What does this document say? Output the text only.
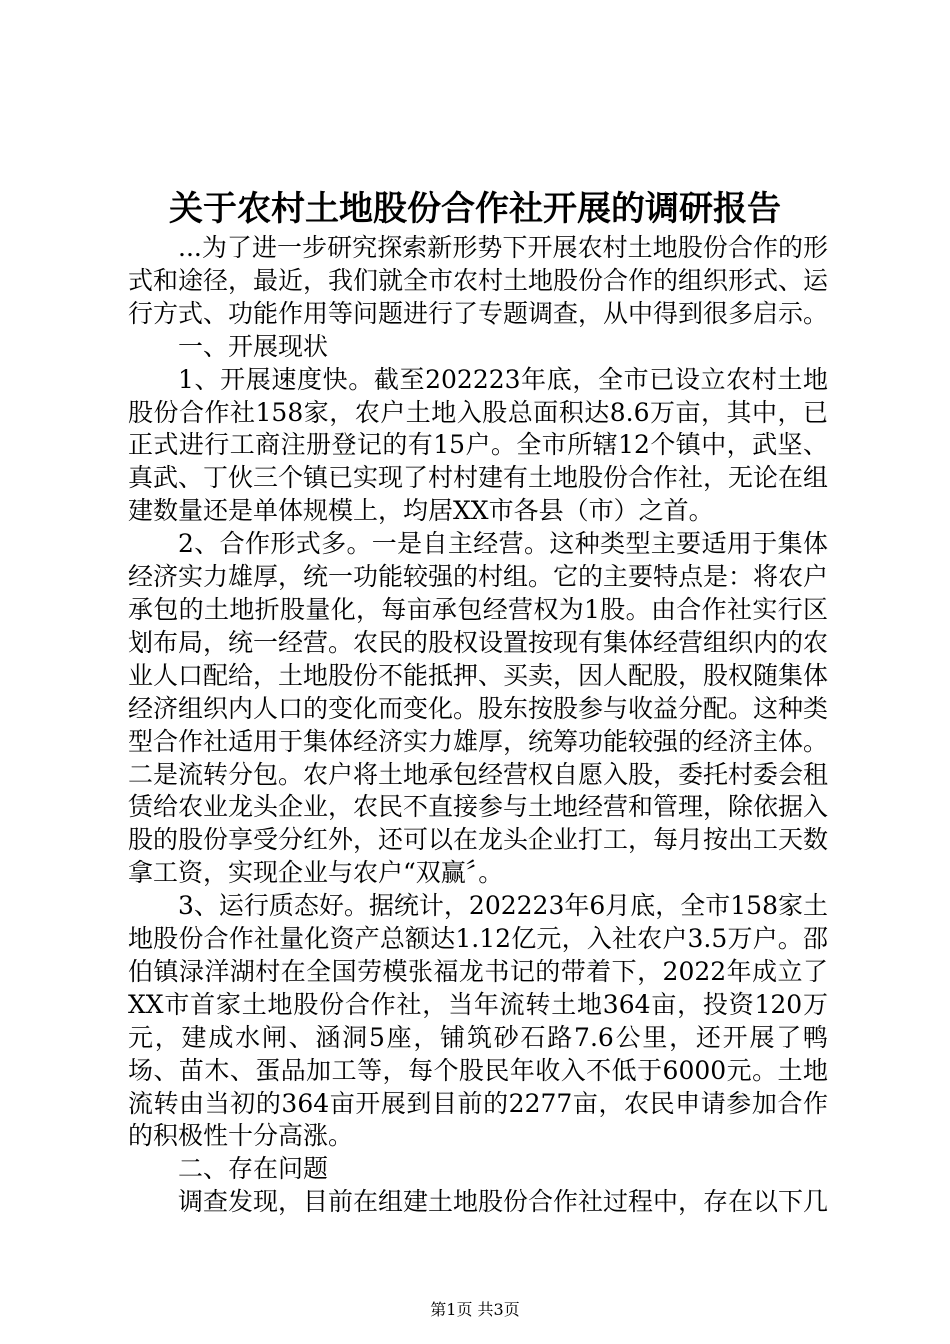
关于农村土地股份合作社开展的调研报告

...为了进一步研究探索新形势下开展农村土地股份合作的形式和途径，最近，我们就全市农村土地股份合作的组织形式、运行方式、功能作用等问题进行了专题调查，从中得到很多启示。

一、开展现状

1、开展速度快。截至202223年底，全市已设立农村土地股份合作社158家，农户土地入股总面积达8.6万亩，其中，已正式进行工商注册登记的有15户。全市所辖12个镇中，武坚、真武、丁伙三个镇已实现了村村建有土地股份合作社，无论在组建数量还是单体规模上，均居XX市各县（市）之首。

2、合作形式多。一是自主经营。这种类型主要适用于集体经济实力雄厚，统一功能较强的村组。它的主要特点是：将农户承包的土地折股量化，每亩承包经营权为1股。由合作社实行区划布局，统一经营。农民的股权设置按现有集体经营组织内的农业人口配给，土地股份不能抵押、买卖，因人配股，股权随集体经济组织内人口的变化而变化。股东按股参与收益分配。这种类型合作社适用于集体经济实力雄厚，统筹功能较强的经济主体。二是流转分包。农户将土地承包经营权自愿入股，委托村委会租赁给农业龙头企业，农民不直接参与土地经营和管理，除依据入股的股份享受分红外，还可以在龙头企业打工，每月按出工天数拿工资，实现企业与农户“双赢〞。

3、运行质态好。据统计，202223年6月底，全市158家土地股份合作社量化资产总额达1.12亿元，入社农户3.5万户。邵伯镇渌洋湖村在全国劳模张福龙书记的带着下，2022年成立了XX市首家土地股份合作社，当年流转土地364亩，投资120万元，建成水闸、涵洞5座，铺筑砂石路7.6公里，还开展了鸭场、苗木、蛋品加工等，每个股民年收入不低于6000元。土地流转由当初的364亩开展到目前的2277亩，农民申请参加合作的积极性十分高涨。

二、存在问题

调查发现，目前在组建土地股份合作社过程中，存在以下几

第1页 共3页
